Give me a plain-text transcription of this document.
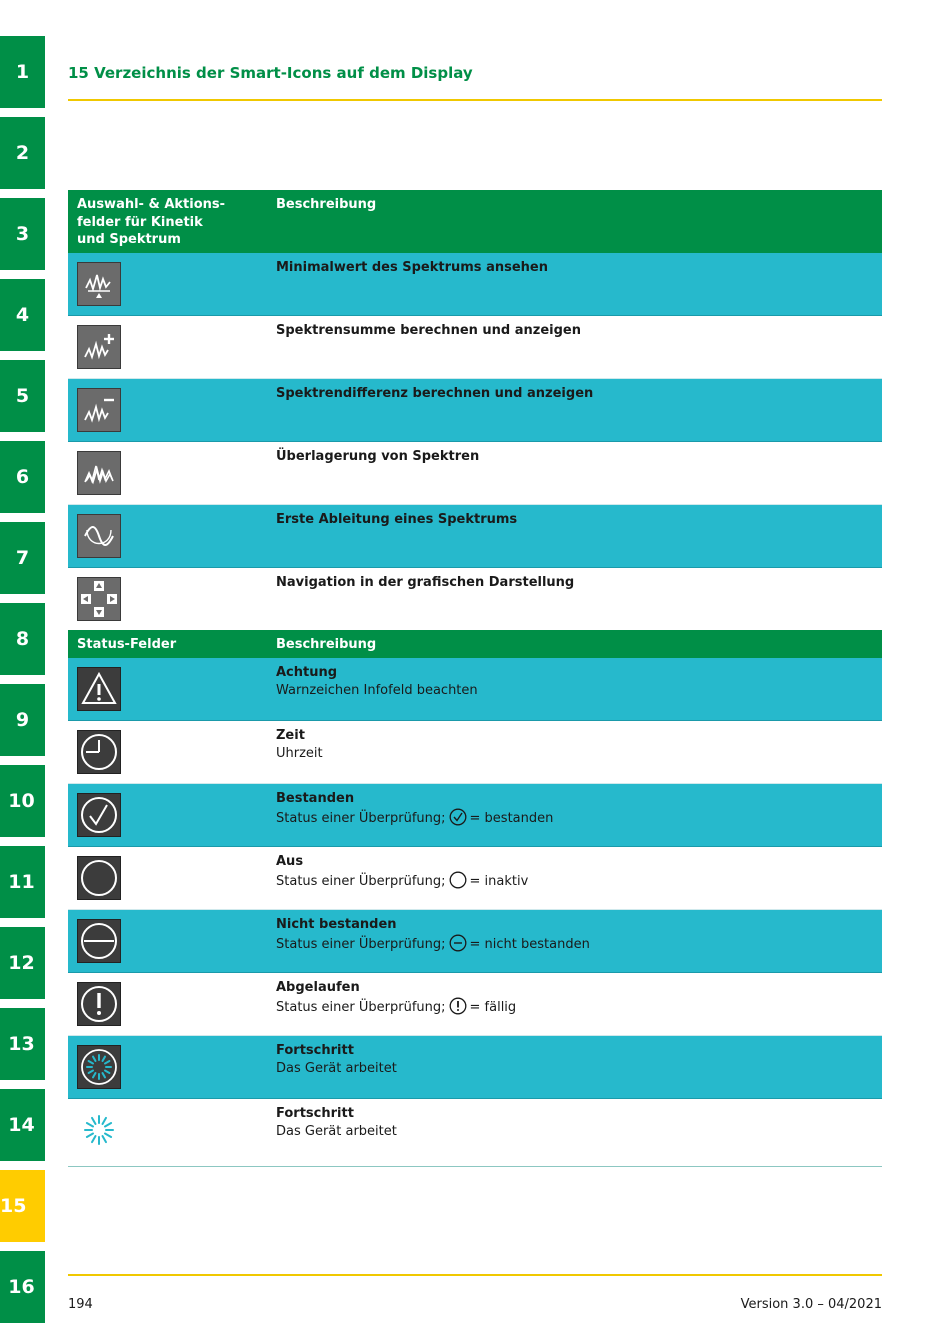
1
2
3
4
5
6
7
8
9
10
11
12
13
14
15
16
15 Verzeichnis der Smart-Icons auf dem Display
Auswahl- & Aktions-
felder für Kinetik
und Spektrum
Beschreibung
Minimalwert des Spektrums ansehen
Spektrensumme berechnen und anzeigen
Spektrendifferenz berechnen und anzeigen
Überlagerung von Spektren
Erste Ableitung eines Spektrums
Navigation in der grafischen Darstellung
Status-Felder	Beschreibung
Achtung
Warnzeichen Infofeld beachten
Zeit
Uhrzeit
Bestanden
Status einer Überprüfung; = bestanden
Aus
Status einer Überprüfung; = inaktiv
Nicht bestanden
Status einer Überprüfung; = nicht bestanden
Abgelaufen
Status einer Überprüfung; = fällig
Fortschritt
Das Gerät arbeitet
Fortschritt
Das Gerät arbeitet
194	Version 3.0 – 04/2021
